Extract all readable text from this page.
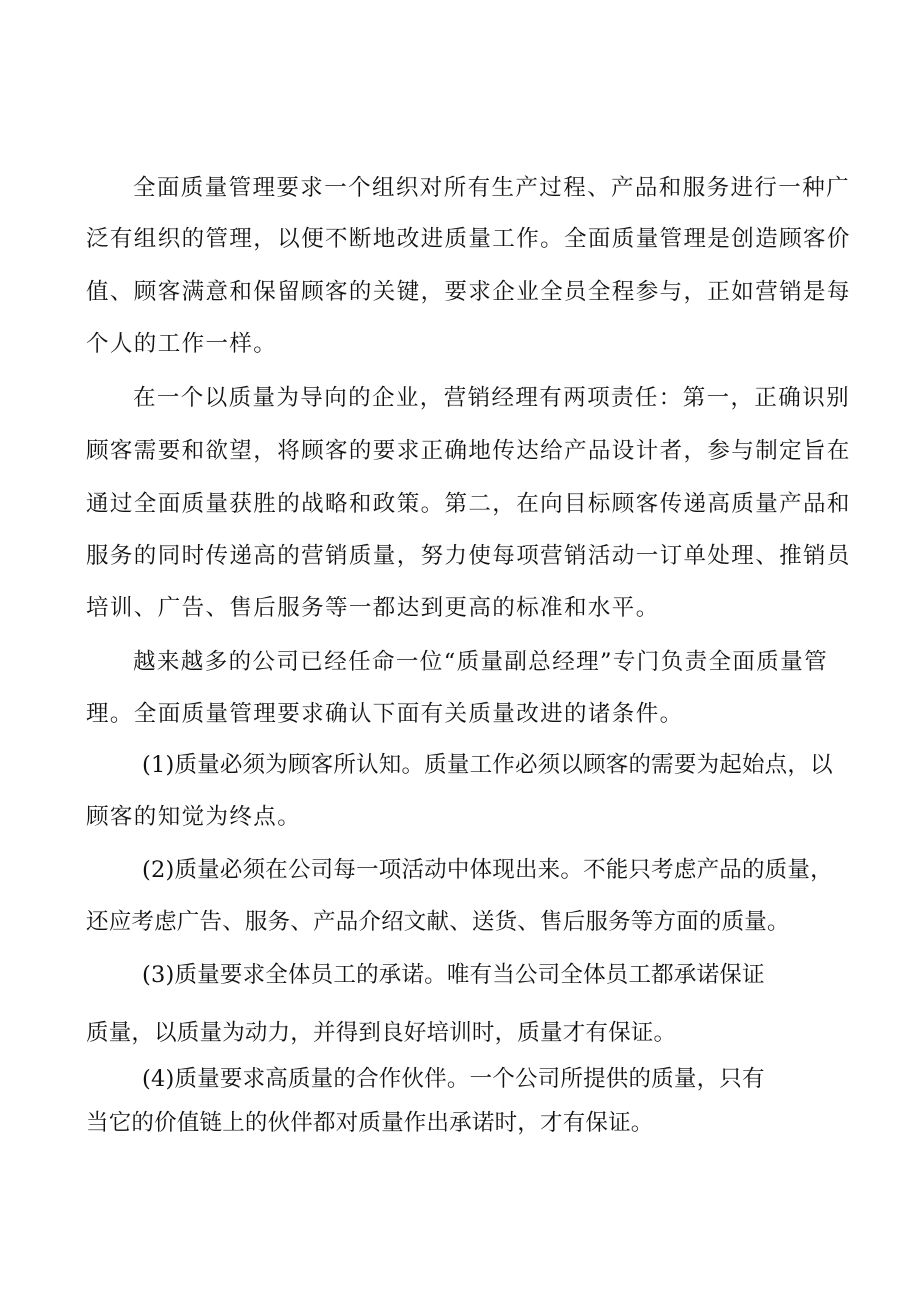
全面质量管理要求一个组织对所有生产过程、产品和服务进行一种广
泛有组织的管理，以便不断地改进质量工作。全面质量管理是创造顾客价
值、顾客满意和保留顾客的关键，要求企业全员全程参与，正如营销是每
个人的工作一样。
在一个以质量为导向的企业，营销经理有两项责任：第一，正确识别
顾客需要和欲望，将顾客的要求正确地传达给产品设计者，参与制定旨在
通过全面质量获胜的战略和政策。第二，在向目标顾客传递高质量产品和
服务的同时传递高的营销质量，努力使每项营销活动一订单处理、推销员
培训、广告、售后服务等一都达到更高的标准和水平。
越来越多的公司已经任命一位“质量副总经理”专门负责全面质量管
理。全面质量管理要求确认下面有关质量改进的诸条件。
(1)质量必须为顾客所认知。质量工作必须以顾客的需要为起始点，以
顾客的知觉为终点。
(2)质量必须在公司每一项活动中体现出来。不能只考虑产品的质量，
还应考虑广告、服务、产品介绍文献、送货、售后服务等方面的质量。
(3)质量要求全体员工的承诺。唯有当公司全体员工都承诺保证
质量，以质量为动力，并得到良好培训时，质量才有保证。
(4)质量要求高质量的合作伙伴。一个公司所提供的质量，只有
当它的价值链上的伙伴都对质量作出承诺时，才有保证。
